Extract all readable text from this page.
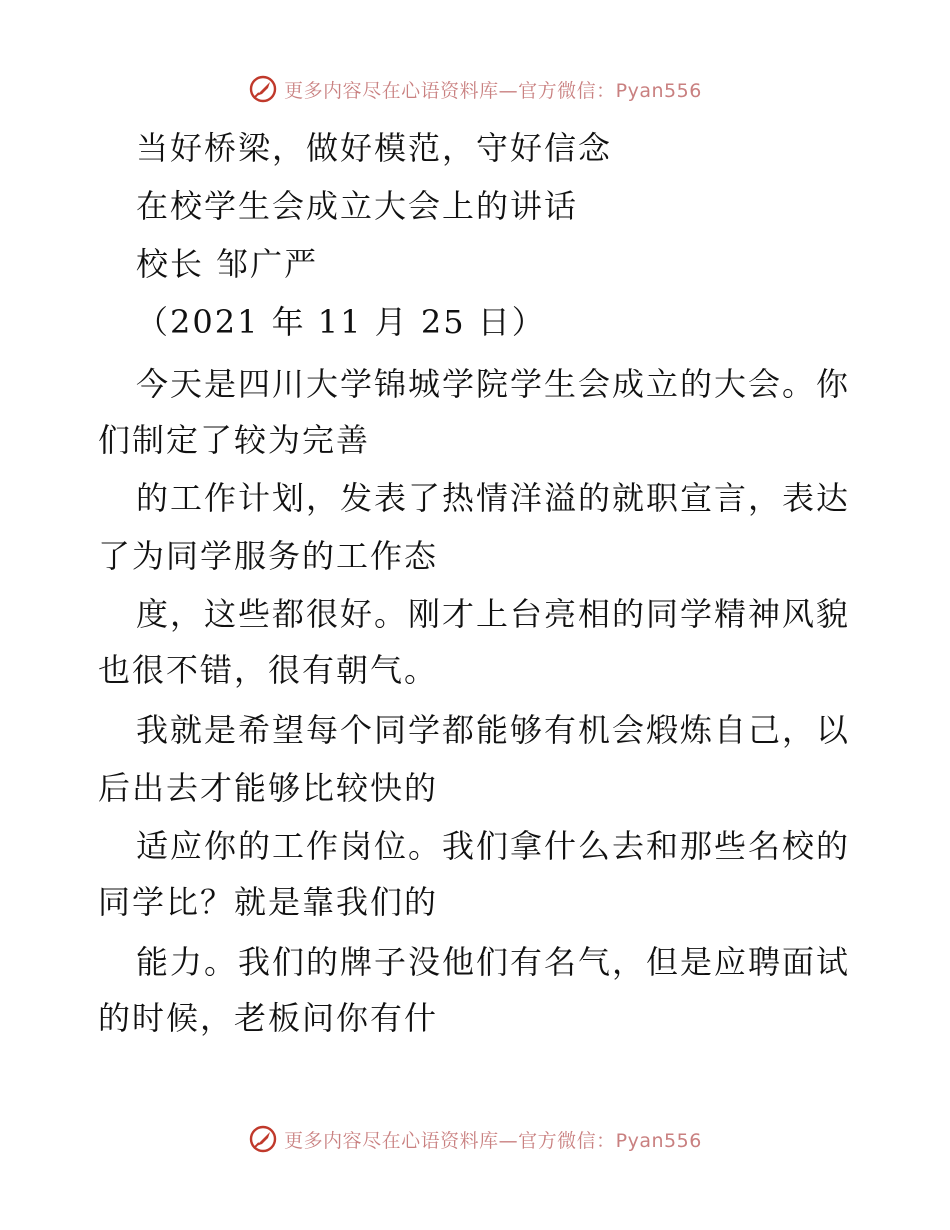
更多内容尽在心语资料库—官方微信：Pyan556
当好桥梁，做好模范，守好信念
在校学生会成立大会上的讲话
校长 邹广严
（2021 年 11 月 25 日）
今天是四川大学锦城学院学生会成立的大会。你
们制定了较为完善
的工作计划，发表了热情洋溢的就职宣言，表达
了为同学服务的工作态
度，这些都很好。刚才上台亮相的同学精神风貌
也很不错，很有朝气。
我就是希望每个同学都能够有机会煅炼自己，以
后出去才能够比较快的
适应你的工作岗位。我们拿什么去和那些名校的
同学比？就是靠我们的
能力。我们的牌子没他们有名气，但是应聘面试
的时候，老板问你有什
更多内容尽在心语资料库—官方微信：Pyan556
